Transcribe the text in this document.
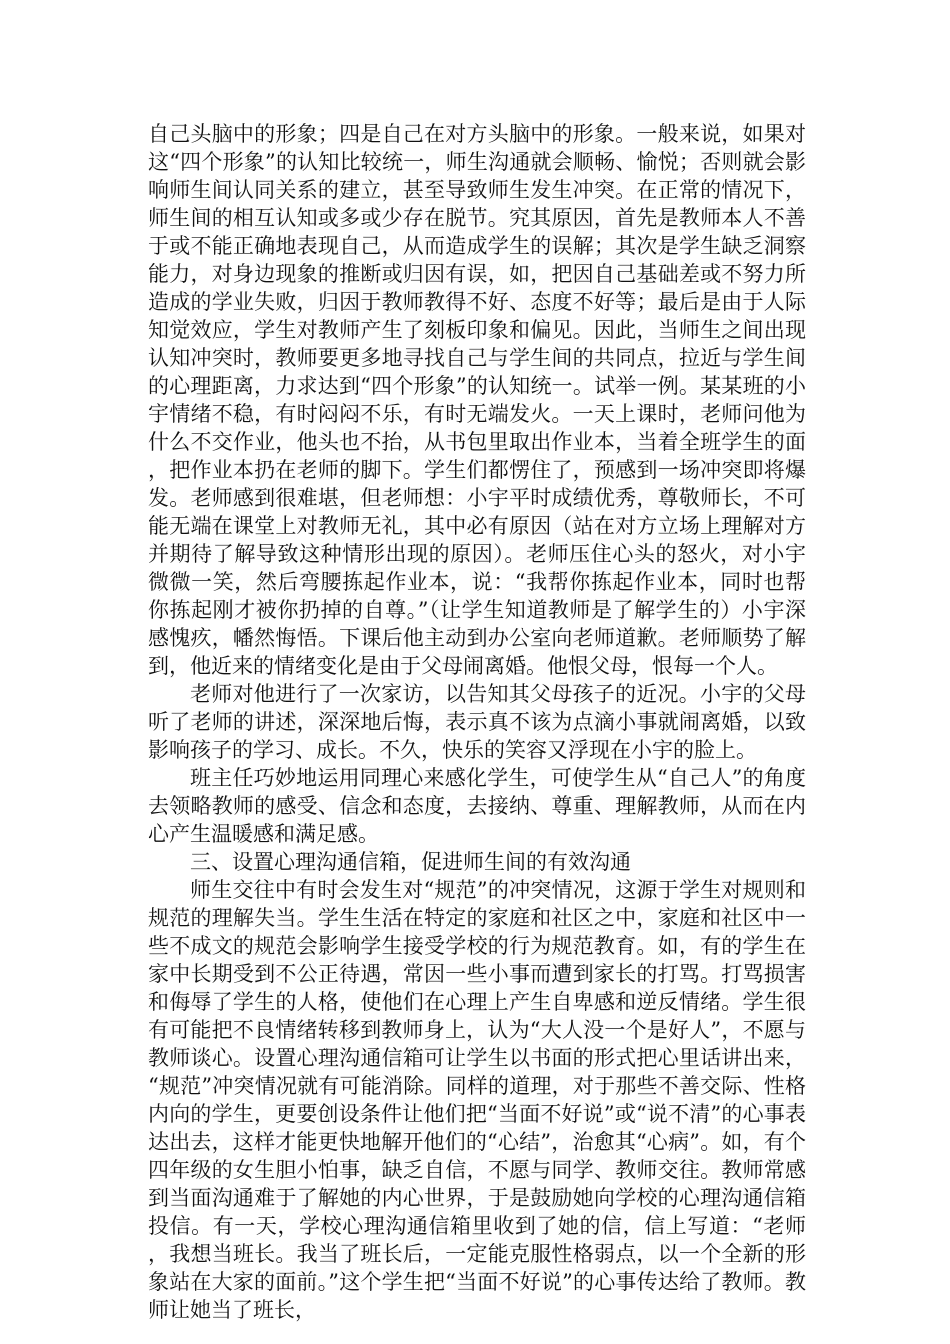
自己头脑中的形象；四是自己在对方头脑中的形象。一般来说，如果对这“四个形象”的认知比较统一，师生沟通就会顺畅、愉悦；否则就会影响师生间认同关系的建立，甚至导致师生发生冲突。在正常的情况下，师生间的相互认知或多或少存在脱节。究其原因，首先是教师本人不善于或不能正确地表现自己，从而造成学生的误解；其次是学生缺乏洞察能力，对身边现象的推断或归因有误，如，把因自己基础差或不努力所造成的学业失败，归因于教师教得不好、态度不好等；最后是由于人际知觉效应，学生对教师产生了刻板印象和偏见。因此，当师生之间出现认知冲突时，教师要更多地寻找自己与学生间的共同点，拉近与学生间的心理距离，力求达到“四个形象”的认知统一。试举一例。某某班的小宇情绪不稳，有时闷闷不乐，有时无端发火。一天上课时，老师问他为什么不交作业，他头也不抬，从书包里取出作业本，当着全班学生的面，把作业本扔在老师的脚下。学生们都愣住了，预感到一场冲突即将爆发。老师感到很难堪，但老师想：小宇平时成绩优秀，尊敬师长，不可能无端在课堂上对教师无礼，其中必有原因（站在对方立场上理解对方并期待了解导致这种情形出现的原因）。老师压住心头的怒火，对小宇微微一笑，然后弯腰拣起作业本，说：“我帮你拣起作业本，同时也帮你拣起刚才被你扔掉的自尊。”（让学生知道教师是了解学生的）小宇深感愧疚，幡然悔悟。下课后他主动到办公室向老师道歉。老师顺势了解到，他近来的情绪变化是由于父母闹离婚。他恨父母，恨每一个人。

老师对他进行了一次家访，以告知其父母孩子的近况。小宇的父母听了老师的讲述，深深地后悔，表示真不该为点滴小事就闹离婚，以致影响孩子的学习、成长。不久，快乐的笑容又浮现在小宇的脸上。

班主任巧妙地运用同理心来感化学生，可使学生从“自己人”的角度去领略教师的感受、信念和态度，去接纳、尊重、理解教师，从而在内心产生温暖感和满足感。

三、设置心理沟通信箱，促进师生间的有效沟通

师生交往中有时会发生对“规范”的冲突情况，这源于学生对规则和规范的理解失当。学生生活在特定的家庭和社区之中，家庭和社区中一些不成文的规范会影响学生接受学校的行为规范教育。如，有的学生在家中长期受到不公正待遇，常因一些小事而遭到家长的打骂。打骂损害和侮辱了学生的人格，使他们在心理上产生自卑感和逆反情绪。学生很有可能把不良情绪转移到教师身上，认为“大人没一个是好人”，不愿与教师谈心。设置心理沟通信箱可让学生以书面的形式把心里话讲出来，“规范”冲突情况就有可能消除。同样的道理，对于那些不善交际、性格内向的学生，更要创设条件让他们把“当面不好说”或“说不清”的心事表达出去，这样才能更快地解开他们的“心结”，治愈其“心病”。如，有个四年级的女生胆小怕事，缺乏自信，不愿与同学、教师交往。教师常感到当面沟通难于了解她的内心世界，于是鼓励她向学校的心理沟通信箱投信。有一天，学校心理沟通信箱里收到了她的信，信上写道：“老师，我想当班长。我当了班长后，一定能克服性格弱点，以一个全新的形象站在大家的面前。”这个学生把“当面不好说”的心事传达给了教师。教师让她当了班长，
